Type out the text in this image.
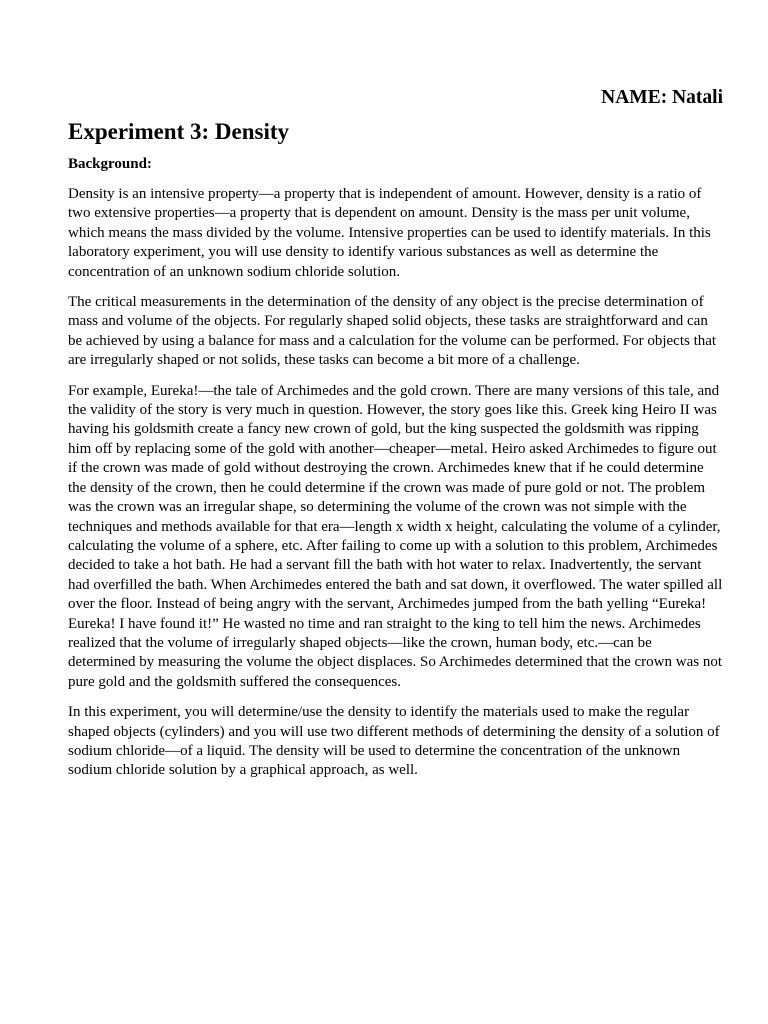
NAME: Natali

Experiment 3: Density
Background:

Density is an intensive property—a property that is independent of amount. However, density is a ratio of two extensive properties—a property that is dependent on amount. Density is the mass per unit volume, which means the mass divided by the volume. Intensive properties can be used to identify materials. In this laboratory experiment, you will use density to identify various substances as well as determine the concentration of an unknown sodium chloride solution.

The critical measurements in the determination of the density of any object is the precise determination of mass and volume of the objects. For regularly shaped solid objects, these tasks are straightforward and can be achieved by using a balance for mass and a calculation for the volume can be performed. For objects that are irregularly shaped or not solids, these tasks can become a bit more of a challenge.

For example, Eureka!—the tale of Archimedes and the gold crown. There are many versions of this tale, and the validity of the story is very much in question. However, the story goes like this. Greek king Heiro II was having his goldsmith create a fancy new crown of gold, but the king suspected the goldsmith was ripping him off by replacing some of the gold with another—cheaper—metal. Heiro asked Archimedes to figure out if the crown was made of gold without destroying the crown. Archimedes knew that if he could determine the density of the crown, then he could determine if the crown was made of pure gold or not. The problem was the crown was an irregular shape, so determining the volume of the crown was not simple with the techniques and methods available for that era—length x width x height, calculating the volume of a cylinder, calculating the volume of a sphere, etc. After failing to come up with a solution to this problem, Archimedes decided to take a hot bath. He had a servant fill the bath with hot water to relax. Inadvertently, the servant had overfilled the bath. When Archimedes entered the bath and sat down, it overflowed. The water spilled all over the floor. Instead of being angry with the servant, Archimedes jumped from the bath yelling “Eureka! Eureka! I have found it!” He wasted no time and ran straight to the king to tell him the news. Archimedes realized that the volume of irregularly shaped objects—like the crown, human body, etc.—can be determined by measuring the volume the object displaces. So Archimedes determined that the crown was not pure gold and the goldsmith suffered the consequences.

In this experiment, you will determine/use the density to identify the materials used to make the regular shaped objects (cylinders) and you will use two different methods of determining the density of a solution of sodium chloride—of a liquid. The density will be used to determine the concentration of the unknown sodium chloride solution by a graphical approach, as well.
